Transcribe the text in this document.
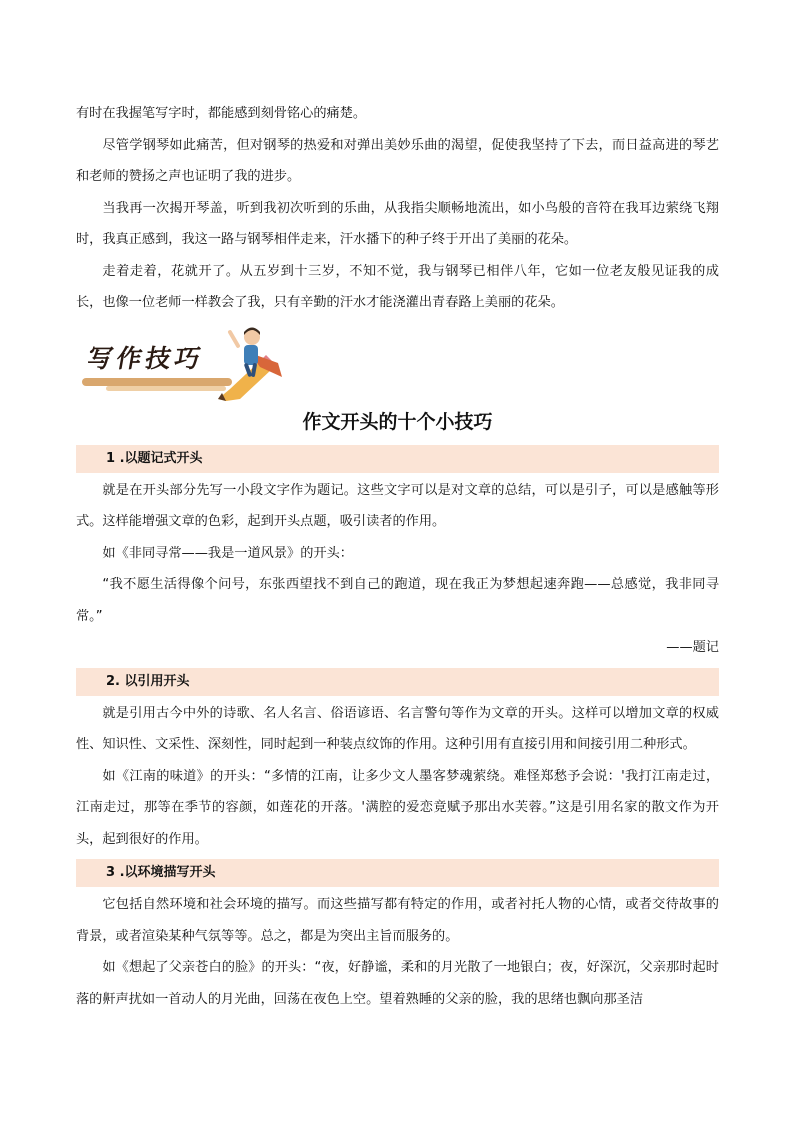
有时在我握笔写字时，都能感到刻骨铭心的痛楚。

尽管学钢琴如此痛苦，但对钢琴的热爱和对弹出美妙乐曲的渴望，促使我坚持了下去，而日益高进的琴艺和老师的赞扬之声也证明了我的进步。

当我再一次揭开琴盖，听到我初次听到的乐曲，从我指尖顺畅地流出，如小鸟般的音符在我耳边萦绕飞翔时，我真正感到，我这一路与钢琴相伴走来，汗水播下的种子终于开出了美丽的花朵。

走着走着，花就开了。从五岁到十三岁，不知不觉，我与钢琴已相伴八年，它如一位老友般见证我的成长，也像一位老师一样教会了我，只有辛勤的汗水才能浇灌出青春路上美丽的花朵。

写作技巧
作文开头的十个小技巧
1 .以题记式开头

就是在开头部分先写一小段文字作为题记。这些文字可以是对文章的总结，可以是引子，可以是感触等形式。这样能增强文章的色彩，起到开头点题，吸引读者的作用。

如《非同寻常——我是一道风景》的开头：

“我不愿生活得像个问号，东张西望找不到自己的跑道，现在我正为梦想起速奔跑——总感觉，我非同寻常。”

——题记

2. 以引用开头

就是引用古今中外的诗歌、名人名言、俗语谚语、名言警句等作为文章的开头。这样可以增加文章的权威性、知识性、文采性、深刻性，同时起到一种装点纹饰的作用。这种引用有直接引用和间接引用二种形式。

如《江南的味道》的开头：“多情的江南，让多少文人墨客梦魂萦绕。难怪郑愁予会说：'我打江南走过，江南走过，那等在季节的容颜，如莲花的开落。'满腔的爱恋竟赋予那出水芙蓉。”这是引用名家的散文作为开头，起到很好的作用。

3 .以环境描写开头

它包括自然环境和社会环境的描写。而这些描写都有特定的作用，或者衬托人物的心情，或者交待故事的背景，或者渲染某种气氛等等。总之，都是为突出主旨而服务的。

如《想起了父亲苍白的脸》的开头：“夜，好静谧，柔和的月光散了一地银白；夜，好深沉，父亲那时起时落的鼾声扰如一首动人的月光曲，回荡在夜色上空。望着熟睡的父亲的脸，我的思绪也飘向那圣洁
